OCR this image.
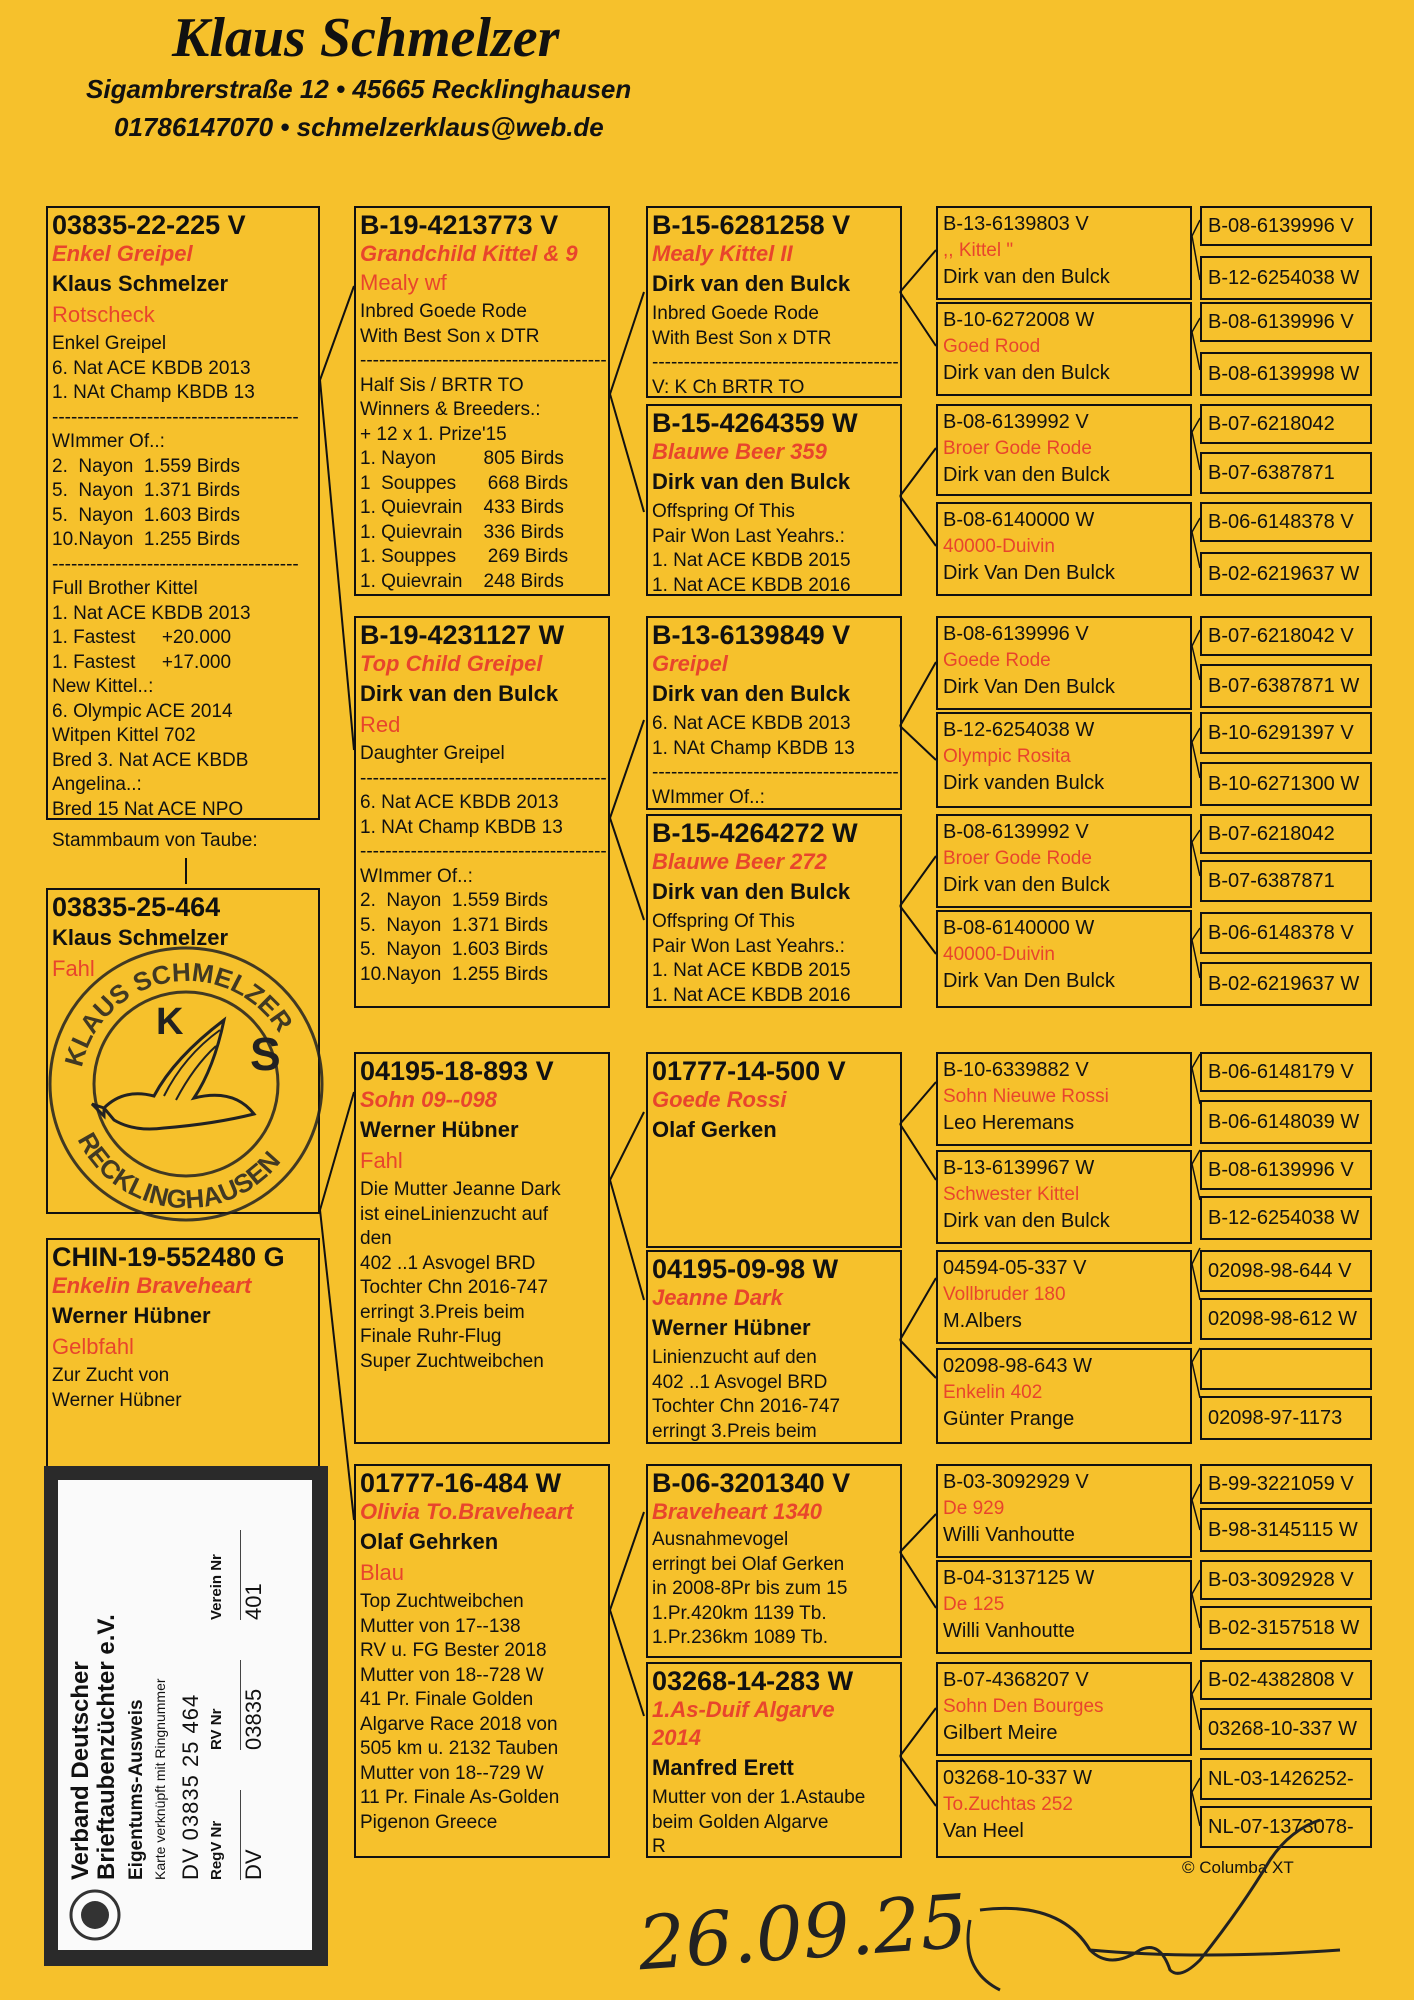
Klaus Schmelzer
Sigambrerstraße 12 • 45665 Recklinghausen
01786147070 • schmelzerklaus@web.de
03835-22-225 V
Enkel Greipel
Klaus Schmelzer
Rotscheck
Enkel Greipel
6. Nat ACE KBDB 2013
1. NAt Champ KBDB 13
---------------------------------------
WImmer Of..:
2.  Nayon  1.559 Birds
5.  Nayon  1.371 Birds
5.  Nayon  1.603 Birds
10.Nayon  1.255 Birds
---------------------------------------
Full Brother Kittel
1. Nat ACE KBDB 2013
1. Fastest     +20.000
1. Fastest     +17.000
New Kittel..:
6. Olympic ACE 2014
Witpen Kittel 702
Bred 3. Nat ACE KBDB
Angelina..:
Bred 15 Nat ACE NPO
Stammbaum von Taube:
03835-25-464
Klaus Schmelzer
Fahl
KLAUS SCHMELZER
RECKLINGHAUSEN
K
S
CHIN-19-552480 G
Enkelin Braveheart
Werner Hübner
Gelbfahl
Zur Zucht von
Werner Hübner
B-19-4213773 V
Grandchild Kittel & 9
Mealy wf
Inbred Goede Rode
With Best Son x DTR
---------------------------------------
Half Sis / BRTR TO
Winners & Breeders.:
+ 12 x 1. Prize'15
1. Nayon         805 Birds
1  Souppes      668 Birds
1. Quievrain    433 Birds
1. Quievrain    336 Birds
1. Souppes      269 Birds
1. Quievrain    248 Birds
B-19-4231127 W
Top Child Greipel
Dirk van den Bulck
Red
Daughter Greipel
---------------------------------------
6. Nat ACE KBDB 2013
1. NAt Champ KBDB 13
---------------------------------------
WImmer Of..:
2.  Nayon  1.559 Birds
5.  Nayon  1.371 Birds
5.  Nayon  1.603 Birds
10.Nayon  1.255 Birds
04195-18-893 V
Sohn 09--098
Werner Hübner
Fahl
Die Mutter Jeanne Dark
ist eineLinienzucht auf
den
402 ..1 Asvogel BRD
Tochter Chn 2016-747
erringt 3.Preis beim
Finale Ruhr-Flug
Super Zuchtweibchen
01777-16-484 W
Olivia To.Braveheart
Olaf Gehrken
Blau
Top Zuchtweibchen
Mutter von 17--138
RV u. FG Bester 2018
Mutter von 18--728 W
41 Pr. Finale Golden
Algarve Race 2018 von
505 km u. 2132 Tauben
Mutter von 18--729 W
11 Pr. Finale As-Golden
Pigenon Greece
B-15-6281258 V
Mealy Kittel II
Dirk van den Bulck
Inbred Goede Rode
With Best Son x DTR
---------------------------------------
V: K Ch BRTR TO
B-15-4264359 W
Blauwe Beer 359
Dirk van den Bulck
Offspring Of This
Pair Won Last Yeahrs.:
1. Nat ACE KBDB 2015
1. Nat ACE KBDB 2016
B-13-6139849 V
Greipel
Dirk van den Bulck
6. Nat ACE KBDB 2013
1. NAt Champ KBDB 13
---------------------------------------
WImmer Of..:
B-15-4264272 W
Blauwe Beer 272
Dirk van den Bulck
Offspring Of This
Pair Won Last Yeahrs.:
1. Nat ACE KBDB 2015
1. Nat ACE KBDB 2016
01777-14-500 V
Goede Rossi
Olaf Gerken
04195-09-98 W
Jeanne Dark
Werner Hübner
Linienzucht auf den
402 ..1 Asvogel BRD
Tochter Chn 2016-747
erringt 3.Preis beim
B-06-3201340 V
Braveheart 1340
Ausnahmevogel
erringt bei Olaf Gerken
in 2008-8Pr bis zum 15
1.Pr.420km 1139 Tb.
1.Pr.236km 1089 Tb.
03268-14-283 W
1.As-Duif Algarve
2014
Manfred Erett
Mutter von der 1.Astaube
beim Golden Algarve
R
B-13-6139803 V
,, Kittel "
Dirk van den Bulck
B-10-6272008 W
Goed Rood
Dirk van den Bulck
B-08-6139992 V
Broer Gode Rode
Dirk van den Bulck
B-08-6140000 W
40000-Duivin
Dirk Van Den Bulck
B-08-6139996 V
Goede Rode
Dirk Van Den Bulck
B-12-6254038 W
Olympic Rosita
Dirk vanden Bulck
B-08-6139992 V
Broer Gode Rode
Dirk van den Bulck
B-08-6140000 W
40000-Duivin
Dirk Van Den Bulck
B-10-6339882 V
Sohn Nieuwe Rossi
Leo Heremans
B-13-6139967 W
Schwester Kittel
Dirk van den Bulck
04594-05-337 V
Vollbruder 180
M.Albers
02098-98-643 W
Enkelin 402
Günter Prange
B-03-3092929 V
De 929
Willi Vanhoutte
B-04-3137125 W
De 125
Willi Vanhoutte
B-07-4368207 V
Sohn Den Bourges
Gilbert Meire
03268-10-337 W
To.Zuchtas 252
Van Heel
B-08-6139996 V
B-12-6254038 W
B-08-6139996 V
B-08-6139998 W
B-07-6218042
B-07-6387871
B-06-6148378 V
B-02-6219637 W
B-07-6218042 V
B-07-6387871 W
B-10-6291397 V
B-10-6271300 W
B-07-6218042
B-07-6387871
B-06-6148378 V
B-02-6219637 W
B-06-6148179 V
B-06-6148039 W
B-08-6139996 V
B-12-6254038 W
02098-98-644 V
02098-98-612 W
02098-97-1173
B-99-3221059 V
B-98-3145115 W
B-03-3092928 V
B-02-3157518 W
B-02-4382808 V
03268-10-337 W
NL-03-1426252-
NL-07-1373078-
Verband Deutscher Brieftaubenzüchter e.V. Eigentums-Ausweis Karte verknüpft mit Ringnummer DV 03835 25 464 RegV Nr
RV Nr
Verein Nr
DV
03835
401
© Columba XT
26.09.25
